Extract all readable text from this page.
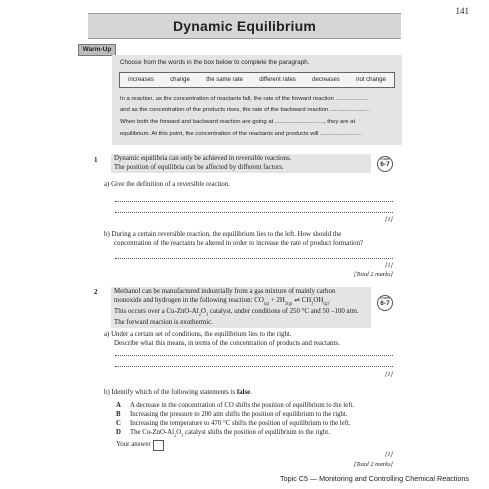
141
Dynamic Equilibrium
Warm-Up
Choose from the words in the box below to complete the paragraph.
increases	change	the same rate	different rates	decreases	not change
In a reaction, as the concentration of reactants fall, the rate of the forward reaction ....................
and as the concentration of the products rises, the rate of the backward reaction ....................... .
When both the forward and backward reaction are going at .............................., they are at
equilibrium. At this point, the concentration of the reactants and products will ........................ .
1 Dynamic equilibria can only be achieved in reversible reactions.
The position of equilibria can be affected by different factors.
Grade
6-7
a) Give the definition of a reversible reaction.
[1]
b) During a certain reversible reaction, the equilibrium lies to the left. How should the
concentration of the reactants be altered in order to increase the rate of product formation?
[1]
[Total 2 marks]
2 Methanol can be manufactured industrially from a gas mixture of mainly carbon
monoxide and hydrogen in the following reaction: $CO_{(g)} + 2H_{2(g)}$ ⇌ $CH_3OH_{(g)}$.
This occurs over a $Cu-ZnO-Al_2O_3$ catalyst, under conditions of 250 °C and 50 –100 atm.
The forward reaction is exothermic.
Grade
6-7
a) Under a certain set of conditions, the equilibrium lies to the right.
Describe what this means, in terms of the concentration of products and reactants.
[1]
b) Identify which of the following statements is false.
A A decrease in the concentration of CO shifts the position of equilibrium to the left.
B Increasing the pressure to 200 atm shifts the position of equilibrium to the right.
C Increasing the temperature to 470 °C shifts the position of equilibrium to the left.
D The $Cu-ZnO-Al_2O_3$ catalyst shifts the position of equilibrium to the right.
Your answer
[1]
[Total 2 marks]
Topic C5 — Monitoring and Controlling Chemical Reactions
